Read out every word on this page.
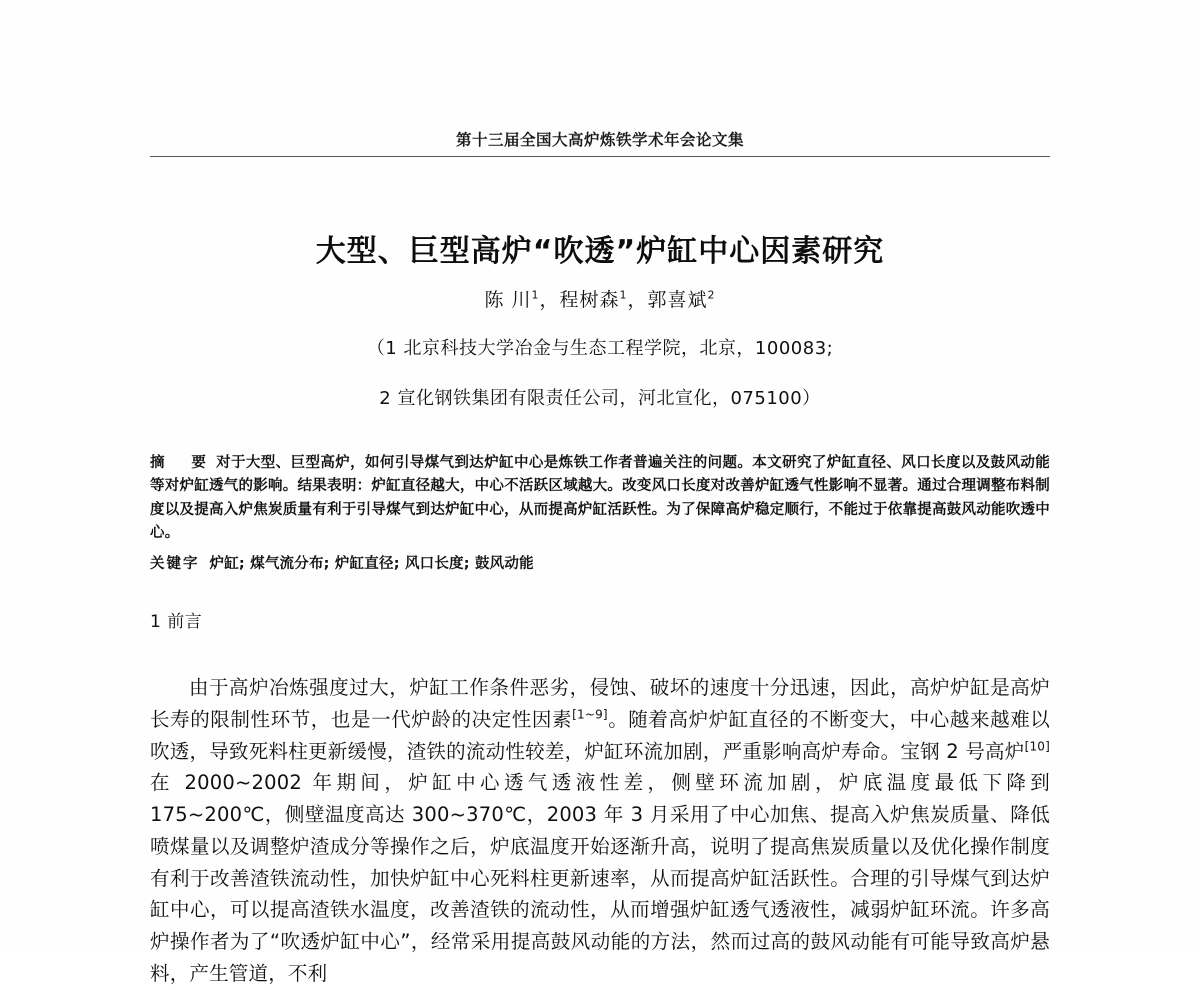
第十三届全国大高炉炼铁学术年会论文集
大型、巨型高炉“吹透”炉缸中心因素研究
陈 川$^1$，程树森$^1$，郭喜斌$^2$
（1 北京科技大学冶金与生态工程学院，北京，100083;
2 宣化钢铁集团有限责任公司，河北宣化，075100）
摘　要 对于大型、巨型高炉，如何引导煤气到达炉缸中心是炼铁工作者普遍关注的问题。本文研究了炉缸直径、风口长度以及鼓风动能等对炉缸透气的影响。结果表明：炉缸直径越大，中心不活跃区域越大。改变风口长度对改善炉缸透气性影响不显著。通过合理调整布料制度以及提高入炉焦炭质量有利于引导煤气到达炉缸中心，从而提高炉缸活跃性。为了保障高炉稳定顺行，不能过于依靠提高鼓风动能吹透中心。
关键字 炉缸; 煤气流分布; 炉缸直径; 风口长度; 鼓风动能
1 前言

由于高炉冶炼强度过大，炉缸工作条件恶劣，侵蚀、破坏的速度十分迅速，因此，高炉炉缸是高炉长寿的限制性环节，也是一代炉龄的决定性因素[1~9]。随着高炉炉缸直径的不断变大，中心越来越难以吹透，导致死料柱更新缓慢，渣铁的流动性较差，炉缸环流加剧，严重影响高炉寿命。宝钢 2 号高炉[10]在 2000~2002 年期间，炉缸中心透气透液性差，侧壁环流加剧，炉底温度最低下降到 175~200℃，侧壁温度高达 300~370℃，2003 年 3 月采用了中心加焦、提高入炉焦炭质量、降低喷煤量以及调整炉渣成分等操作之后，炉底温度开始逐渐升高，说明了提高焦炭质量以及优化操作制度有利于改善渣铁流动性，加快炉缸中心死料柱更新速率，从而提高炉缸活跃性。合理的引导煤气到达炉缸中心，可以提高渣铁水温度，改善渣铁的流动性，从而增强炉缸透气透液性，减弱炉缸环流。许多高炉操作者为了“吹透炉缸中心”，经常采用提高鼓风动能的方法，然而过高的鼓风动能有可能导致高炉悬料，产生管道，不利
